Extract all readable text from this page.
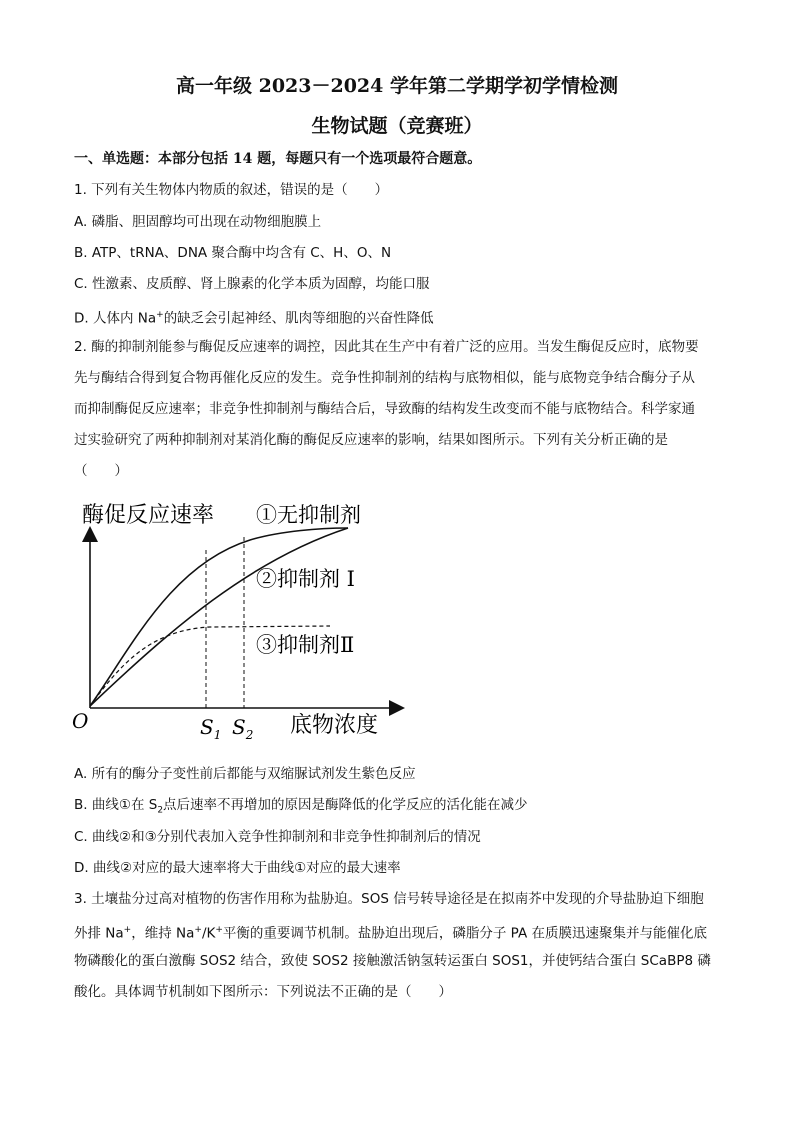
高一年级 2023－2024 学年第二学期学初学情检测
生物试题（竞赛班）
一、单选题：本部分包括 14 题，每题只有一个选项最符合题意。
1. 下列有关生物体内物质的叙述，错误的是（　　）
A. 磷脂、胆固醇均可出现在动物细胞膜上
B. ATP、tRNA、DNA 聚合酶中均含有 C、H、O、N
C. 性激素、皮质醇、肾上腺素的化学本质为固醇，均能口服
D. 人体内 Na+的缺乏会引起神经、肌肉等细胞的兴奋性降低
2. 酶的抑制剂能参与酶促反应速率的调控，因此其在生产中有着广泛的应用。当发生酶促反应时，底物要
先与酶结合得到复合物再催化反应的发生。竞争性抑制剂的结构与底物相似，能与底物竞争结合酶分子从
而抑制酶促反应速率；非竞争性抑制剂与酶结合后，导致酶的结构发生改变而不能与底物结合。科学家通
过实验研究了两种抑制剂对某消化酶的酶促反应速率的影响，结果如图所示。下列有关分析正确的是
（　　）
酶促反应速率
O	底物浓度
$S_1$ $S_2$
①无抑制剂
②抑制剂 Ⅰ
③抑制剂Ⅱ
A. 所有的酶分子变性前后都能与双缩脲试剂发生紫色反应
B. 曲线①在 $S_2$点后速率不再增加的原因是酶降低的化学反应的活化能在减少
C. 曲线②和③分别代表加入竞争性抑制剂和非竞争性抑制剂后的情况
D. 曲线②对应的最大速率将大于曲线①对应的最大速率
3. 土壤盐分过高对植物的伤害作用称为盐胁迫。SOS 信号转导途径是在拟南芥中发现的介导盐胁迫下细胞
外排 Na+，维持 Na+/K+平衡的重要调节机制。盐胁迫出现后，磷脂分子 PA 在质膜迅速聚集并与能催化底
物磷酸化的蛋白激酶 SOS2 结合，致使 SOS2 接触激活钠氢转运蛋白 SOS1，并使钙结合蛋白 SCaBP8 磷
酸化。具体调节机制如下图所示：下列说法不正确的是（　　）
